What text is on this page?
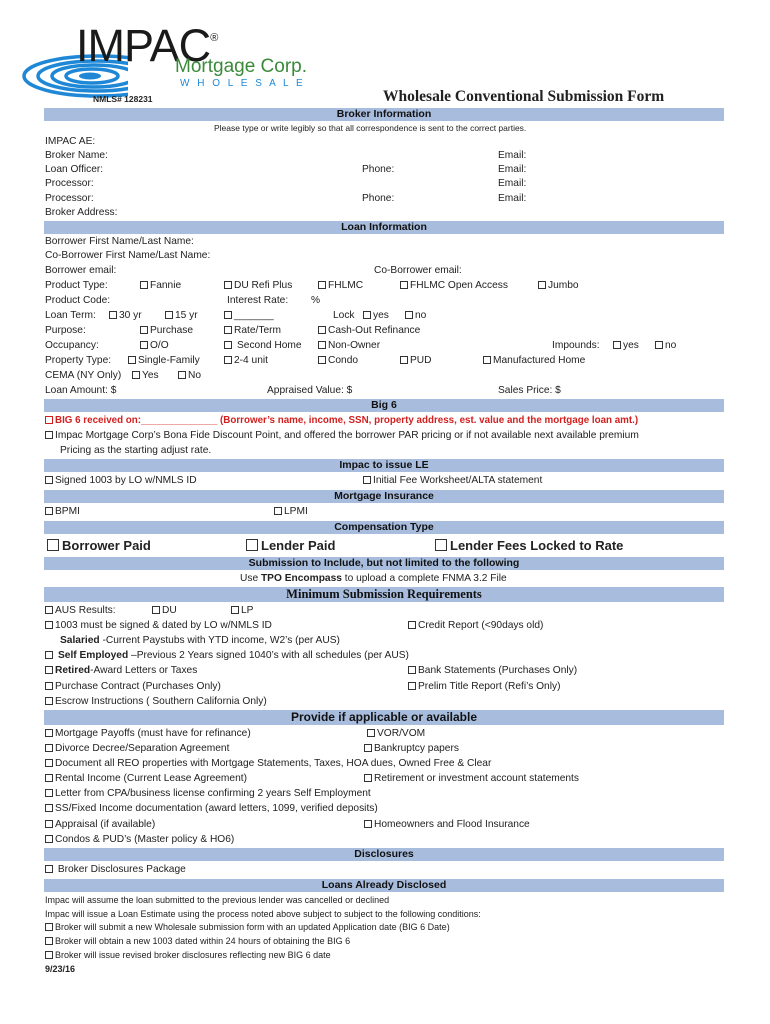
IMPAC®
Mortgage Corp.
W H O L E S A L E
NMLS# 128231	Wholesale Conventional Submission Form
Broker Information
Please type or write legibly so that all correspondence is sent to the correct parties.
IMPAC AE:
Broker Name:	Email:
Loan Officer:	Phone:	Email:
Processor:	Email:
Processor:	Phone:	Email:
Broker Address:
Loan Information
Borrower First Name/Last Name:
Co-Borrower First Name/Last Name:
Borrower email:	Co-Borrower email:
Product Type:	Fannie	DU Refi Plus	FHLMC	FHLMC Open Access	Jumbo
Product Code:	Interest Rate: %
Loan Term:	30 yr	15 yr	_______	Lock	yes	no
Purpose:	Purchase	Rate/Term	Cash-Out Refinance
Occupancy:	O/O	Second Home	Non-Owner	Impounds:	yes	no
Property Type:	Single-Family	2-4 unit	Condo	PUD	Manufactured Home
CEMA (NY Only)	Yes	No
Loan Amount: $	Appraised Value: $	Sales Price: $
Big 6
BIG 6 received on:______________ (Borrower’s name, income, SSN, property address, est. value and the mortgage loan amt.)
Impac Mortgage Corp’s Bona Fide Discount Point, and offered the borrower PAR pricing or if not available next available premium
Pricing as the starting adjust rate.
Impac to issue LE
Signed 1003 by LO w/NMLS ID	Initial Fee Worksheet/ALTA statement
Mortgage Insurance
BPMI	LPMI
Compensation Type
Borrower Paid	Lender Paid	Lender Fees Locked to Rate
Submission to Include, but not limited to the following
Use TPO Encompass to upload a complete FNMA 3.2 File
Minimum Submission Requirements
AUS Results:	DU	LP
1003 must be signed & dated by LO w/NMLS ID	Credit Report (<90days old)
Salaried -Current Paystubs with YTD income, W2’s (per AUS)
Self Employed –Previous 2 Years signed 1040’s with all schedules (per AUS)
Retired-Award Letters or Taxes	Bank Statements (Purchases Only)
Purchase Contract (Purchases Only)	Prelim Title Report (Refi’s Only)
Escrow Instructions ( Southern California Only)
Provide if applicable or available
Mortgage Payoffs (must have for refinance)	VOR/VOM
Divorce Decree/Separation Agreement	Bankruptcy papers
Document all REO properties with Mortgage Statements, Taxes, HOA dues, Owned Free & Clear
Rental Income (Current Lease Agreement)	Retirement or investment account statements
Letter from CPA/business license confirming 2 years Self Employment
SS/Fixed Income documentation (award letters, 1099, verified deposits)
Appraisal (if available)	Homeowners and Flood Insurance
Condos & PUD’s (Master policy & HO6)
Disclosures
Broker Disclosures Package
Loans Already Disclosed
Impac will assume the loan submitted to the previous lender was cancelled or declined
Impac will issue a Loan Estimate using the process noted above subject to subject to the following conditions:
Broker will submit a new Wholesale submission form with an updated Application date (BIG 6 Date)
Broker will obtain a new 1003 dated within 24 hours of obtaining the BIG 6
Broker will issue revised broker disclosures reflecting new BIG 6 date
9/23/16
